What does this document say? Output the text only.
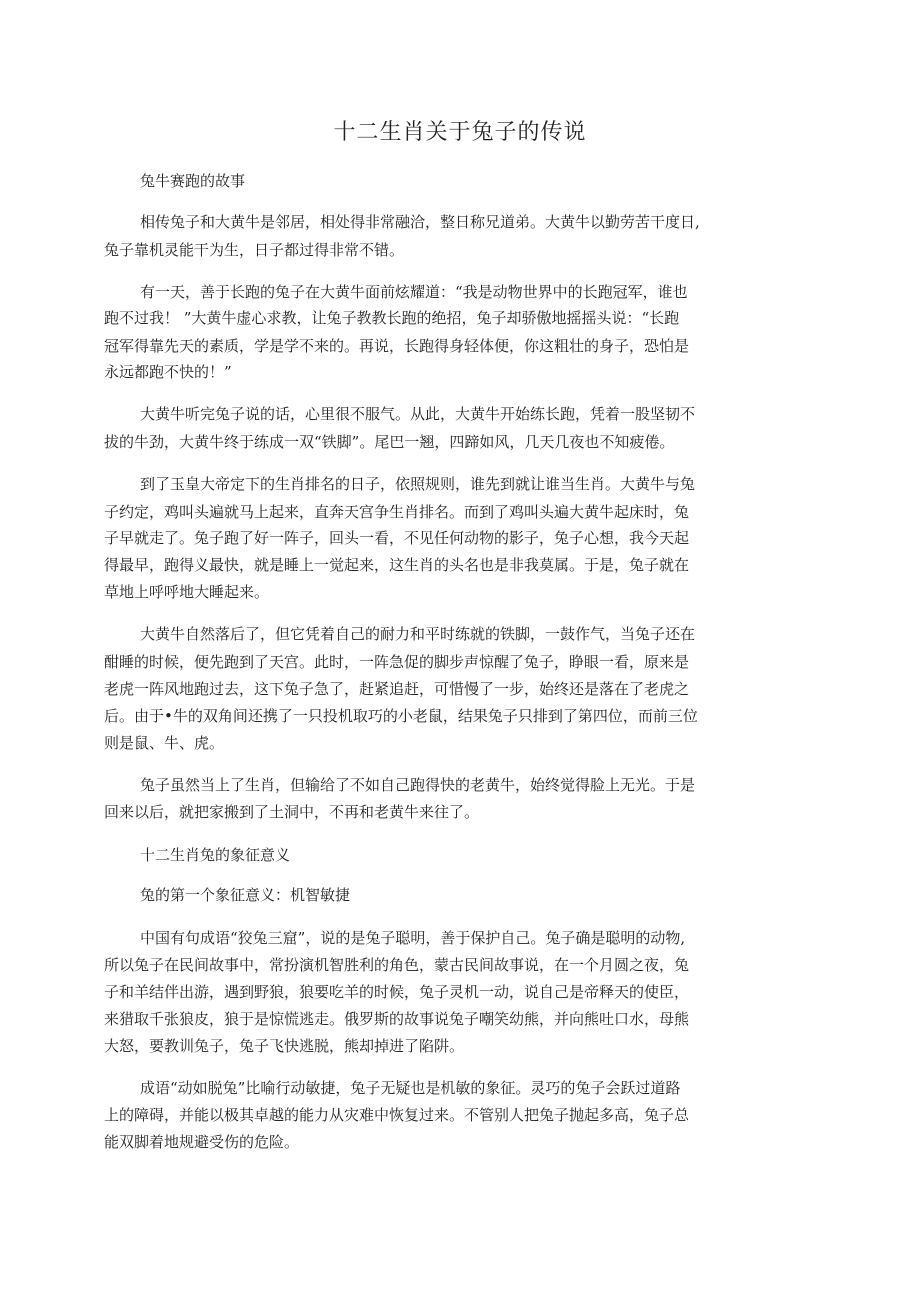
十二生肖关于兔子的传说
兔牛赛跑的故事
相传兔子和大黄牛是邻居，相处得非常融洽，整日称兄道弟。大黄牛以勤劳苦干度日,
兔子靠机灵能干为生，日子都过得非常不错。
有一天，善于长跑的兔子在大黄牛面前炫耀道：“我是动物世界中的长跑冠军，谁也
跑不过我！ ”大黄牛虚心求教，让兔子教教长跑的绝招，兔子却骄傲地摇摇头说：“长跑
冠军得靠先天的素质，学是学不来的。再说，长跑得身轻体便，你这粗壮的身子，恐怕是
永远都跑不快的！”
大黄牛听完兔子说的话，心里很不服气。从此，大黄牛开始练长跑，凭着一股坚韧不
拔的牛劲，大黄牛终于练成一双“铁脚”。尾巴一翘，四蹄如风，几天几夜也不知疲倦。
到了玉皇大帝定下的生肖排名的日子，依照规则，谁先到就让谁当生肖。大黄牛与兔
子约定，鸡叫头遍就马上起来，直奔天宫争生肖排名。而到了鸡叫头遍大黄牛起床时，兔
子早就走了。兔子跑了好一阵子，回头一看，不见任何动物的影子，兔子心想，我今天起
得最早，跑得义最快，就是睡上一觉起来，这生肖的头名也是非我莫属。于是，兔子就在
草地上呼呼地大睡起来。
大黄牛自然落后了，但它凭着自己的耐力和平时练就的铁脚，一鼓作气，当兔子还在
酣睡的时候，便先跑到了天宫。此时，一阵急促的脚步声惊醒了兔子，睁眼一看，原来是
老虎一阵风地跑过去，这下兔子急了，赶紧追赶，可惜慢了一步，始终还是落在了老虎之
后。由于•牛的双角间还携了一只投机取巧的小老鼠，结果兔子只排到了第四位，而前三位
则是鼠、牛、虎。
兔子虽然当上了生肖，但输给了不如自己跑得快的老黄牛，始终觉得脸上无光。于是
回来以后，就把家搬到了土洞中，不再和老黄牛来往了。
十二生肖兔的象征意义
兔的第一个象征意义：机智敏捷
中国有句成语“狡兔三窟”，说的是兔子聪明，善于保护自己。兔子确是聪明的动物,
所以兔子在民间故事中，常扮演机智胜利的角色，蒙古民间故事说，在一个月圆之夜，兔
子和羊结伴出游，遇到野狼，狼要吃羊的时候，兔子灵机一动，说自己是帝释天的使臣，
来猎取千张狼皮，狼于是惊慌逃走。俄罗斯的故事说兔子嘲笑幼熊，并向熊吐口水，母熊
大怒，要教训兔子，兔子飞快逃脱，熊却掉进了陷阱。
成语“动如脱兔”比喻行动敏捷，兔子无疑也是机敏的象征。灵巧的兔子会跃过道路
上的障碍，并能以极其卓越的能力从灾难中恢复过来。不管别人把兔子抛起多高，兔子总
能双脚着地规避受伤的危险。
